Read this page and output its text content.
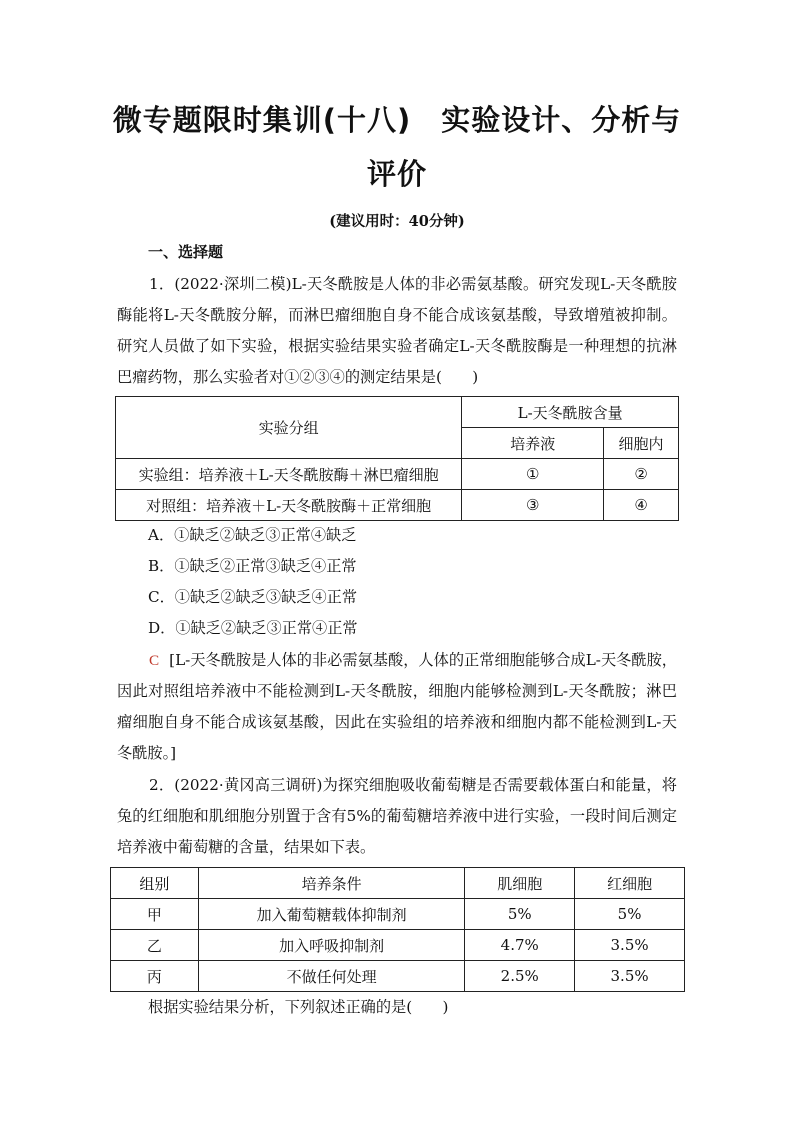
微专题限时集训(十八)　实验设计、分析与
评价
(建议用时：40分钟)
一、选择题

1．(2022·深圳二模)L-天冬酰胺是人体的非必需氨基酸。研究发现L-天冬酰胺酶能将L-天冬酰胺分解，而淋巴瘤细胞自身不能合成该氨基酸，导致增殖被抑制。研究人员做了如下实验，根据实验结果实验者确定L-天冬酰胺酶是一种理想的抗淋巴瘤药物，那么实验者对①②③④的测定结果是(　　)

实验分组	L-天冬酰胺含量	
	培养液	细胞内
实验组：培养液＋L-天冬酰胺酶＋淋巴瘤细胞	①	②
对照组：培养液＋L-天冬酰胺酶＋正常细胞	③	④
A．①缺乏②缺乏③正常④缺乏
B．①缺乏②正常③缺乏④正常
C．①缺乏②缺乏③缺乏④正常
D．①缺乏②缺乏③正常④正常

C [L-天冬酰胺是人体的非必需氨基酸，人体的正常细胞能够合成L-天冬酰胺，因此对照组培养液中不能检测到L-天冬酰胺，细胞内能够检测到L-天冬酰胺；淋巴瘤细胞自身不能合成该氨基酸，因此在实验组的培养液和细胞内都不能检测到L-天冬酰胺。]

2．(2022·黄冈高三调研)为探究细胞吸收葡萄糖是否需要载体蛋白和能量，将兔的红细胞和肌细胞分别置于含有5%的葡萄糖培养液中进行实验，一段时间后测定培养液中葡萄糖的含量，结果如下表。

组别	培养条件	肌细胞	红细胞
甲	加入葡萄糖载体抑制剂	5%	5%
乙	加入呼吸抑制剂	4.7%	3.5%
丙	不做任何处理	2.5%	3.5%
根据实验结果分析，下列叙述正确的是(　　)
